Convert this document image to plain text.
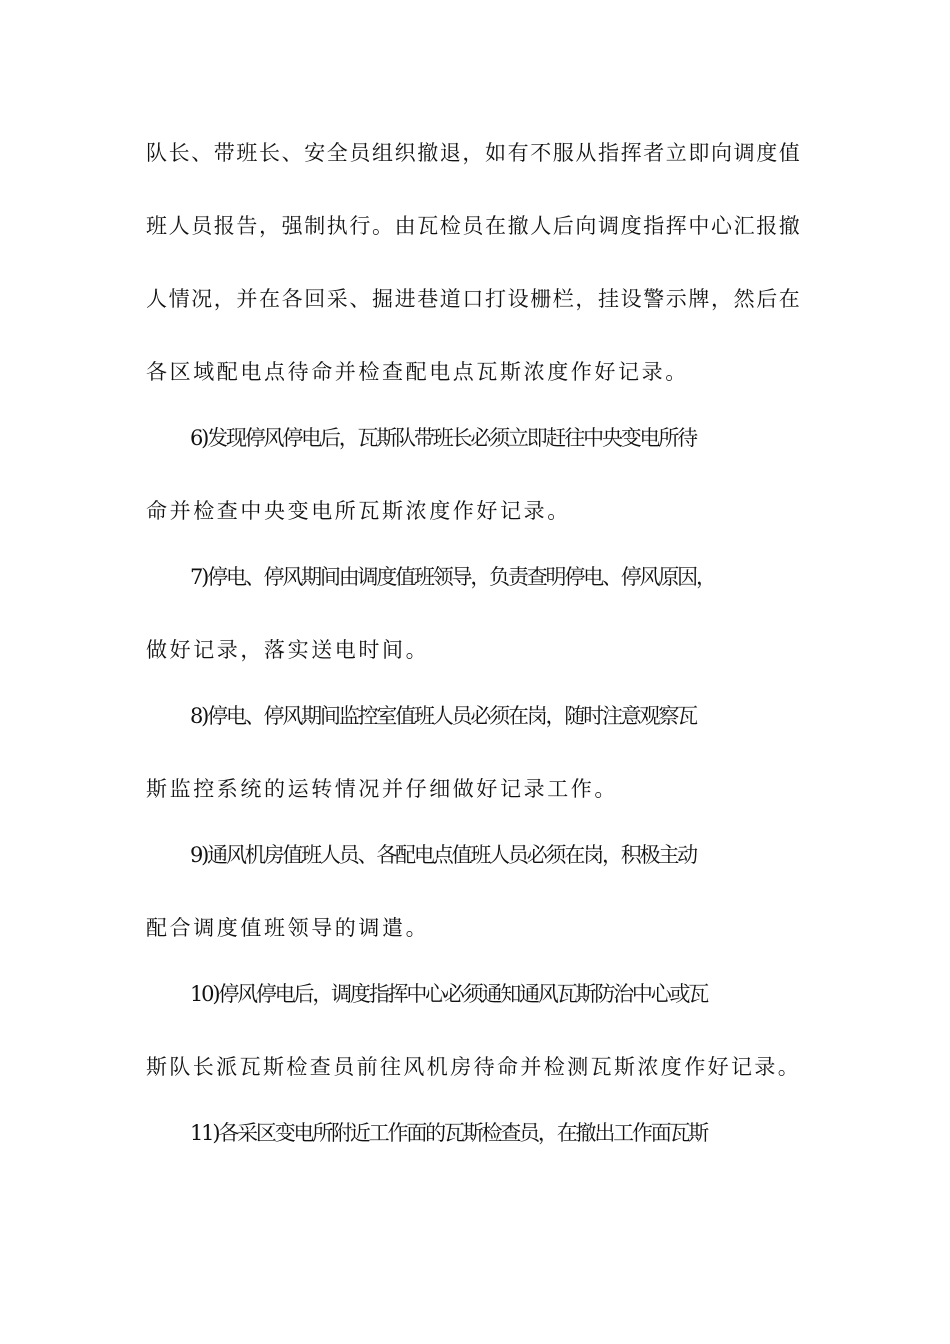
队长、带班长、安全员组织撤退，如有不服从指挥者立即向调度值
班人员报告，强制执行。由瓦检员在撤人后向调度指挥中心汇报撤
人情况，并在各回采、掘进巷道口打设栅栏，挂设警示牌，然后在
各区域配电点待命并检查配电点瓦斯浓度作好记录。
6)发现停风停电后，瓦斯队带班长必须立即赶往中央变电所待
命并检查中央变电所瓦斯浓度作好记录。
7)停电、停风期间由调度值班领导，负责查明停电、停风原因，
做好记录，落实送电时间。
8)停电、停风期间监控室值班人员必须在岗，随时注意观察瓦
斯监控系统的运转情况并仔细做好记录工作。
9)通风机房值班人员、各配电点值班人员必须在岗，积极主动
配合调度值班领导的调遣。
10)停风停电后，调度指挥中心必须通知通风瓦斯防治中心或瓦
斯队长派瓦斯检查员前往风机房待命并检测瓦斯浓度作好记录。
11)各采区变电所附近工作面的瓦斯检查员，在撤出工作面瓦斯
